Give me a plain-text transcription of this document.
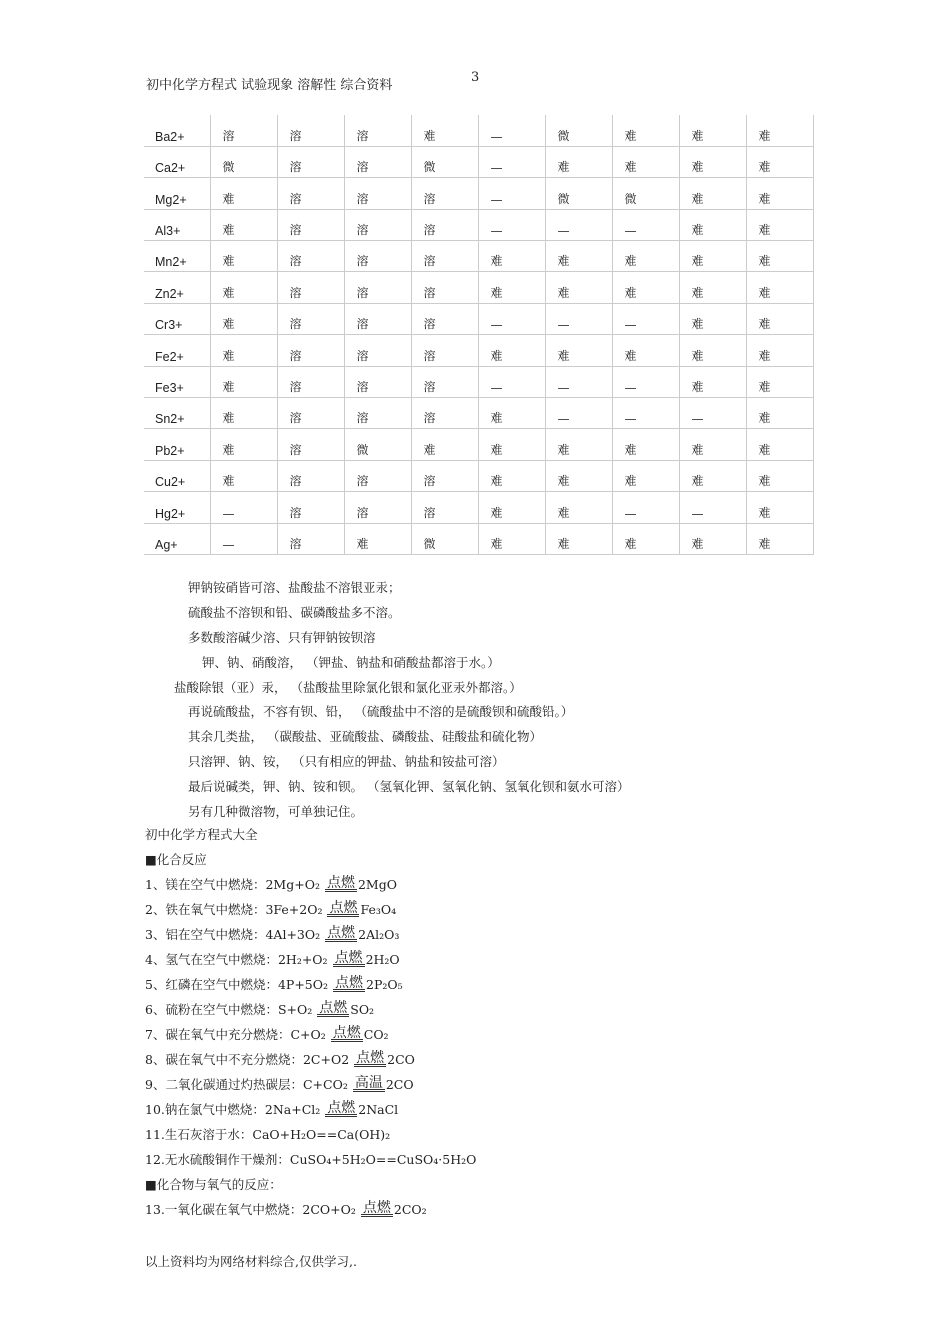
初中化学方程式 试验现象 溶解性 综合资料
3
Ba2+	溶	溶	溶	难	—	微	难	难	难
Ca2+	微	溶	溶	微	—	难	难	难	难
Mg2+	难	溶	溶	溶	—	微	微	难	难
Al3+	难	溶	溶	溶	—	—	—	难	难
Mn2+	难	溶	溶	溶	难	难	难	难	难
Zn2+	难	溶	溶	溶	难	难	难	难	难
Cr3+	难	溶	溶	溶	—	—	—	难	难
Fe2+	难	溶	溶	溶	难	难	难	难	难
Fe3+	难	溶	溶	溶	—	—	—	难	难
Sn2+	难	溶	溶	溶	难	—	—	—	难
Pb2+	难	溶	微	难	难	难	难	难	难
Cu2+	难	溶	溶	溶	难	难	难	难	难
Hg2+	—	溶	溶	溶	难	难	—	—	难
Ag+	—	溶	难	微	难	难	难	难	难
钾钠铵硝皆可溶、盐酸盐不溶银亚汞；
硫酸盐不溶钡和铅、碳磷酸盐多不溶。
多数酸溶碱少溶、只有钾钠铵钡溶
钾、钠、硝酸溶， （钾盐、钠盐和硝酸盐都溶于水。）
盐酸除银（亚）汞， （盐酸盐里除氯化银和氯化亚汞外都溶。）
再说硫酸盐，不容有钡、铅， （硫酸盐中不溶的是硫酸钡和硫酸铅。）
其余几类盐， （碳酸盐、亚硫酸盐、磷酸盐、硅酸盐和硫化物）
只溶钾、钠、铵， （只有相应的钾盐、钠盐和铵盐可溶）
最后说碱类，钾、钠、铵和钡。 （氢氧化钾、氢氧化钠、氢氧化钡和氨水可溶）
另有几种微溶物，可单独记住。
初中化学方程式大全
■化合反应
1、镁在空气中燃烧：2Mg+O₂ 点燃 2MgO
2、铁在氧气中燃烧：3Fe+2O₂ 点燃 Fe₃O₄
3、铝在空气中燃烧：4Al+3O₂ 点燃 2Al₂O₃
4、氢气在空气中燃烧：2H₂+O₂ 点燃 2H₂O
5、红磷在空气中燃烧：4P+5O₂ 点燃 2P₂O₅
6、硫粉在空气中燃烧：S+O₂ 点燃 SO₂
7、碳在氧气中充分燃烧：C+O₂ 点燃 CO₂
8、碳在氧气中不充分燃烧：2C+O2 点燃 2CO
9、二氧化碳通过灼热碳层：C+CO₂ 高温 2CO
10.钠在氯气中燃烧：2Na+Cl₂ 点燃 2NaCl
11.生石灰溶于水：CaO+H₂O==Ca(OH)₂
12.无水硫酸铜作干燥剂：CuSO₄+5H₂O==CuSO₄·5H₂O
■化合物与氧气的反应：
13.一氧化碳在氧气中燃烧：2CO+O₂ 点燃 2CO₂
以上资料均为网络材料综合,仅供学习,.
